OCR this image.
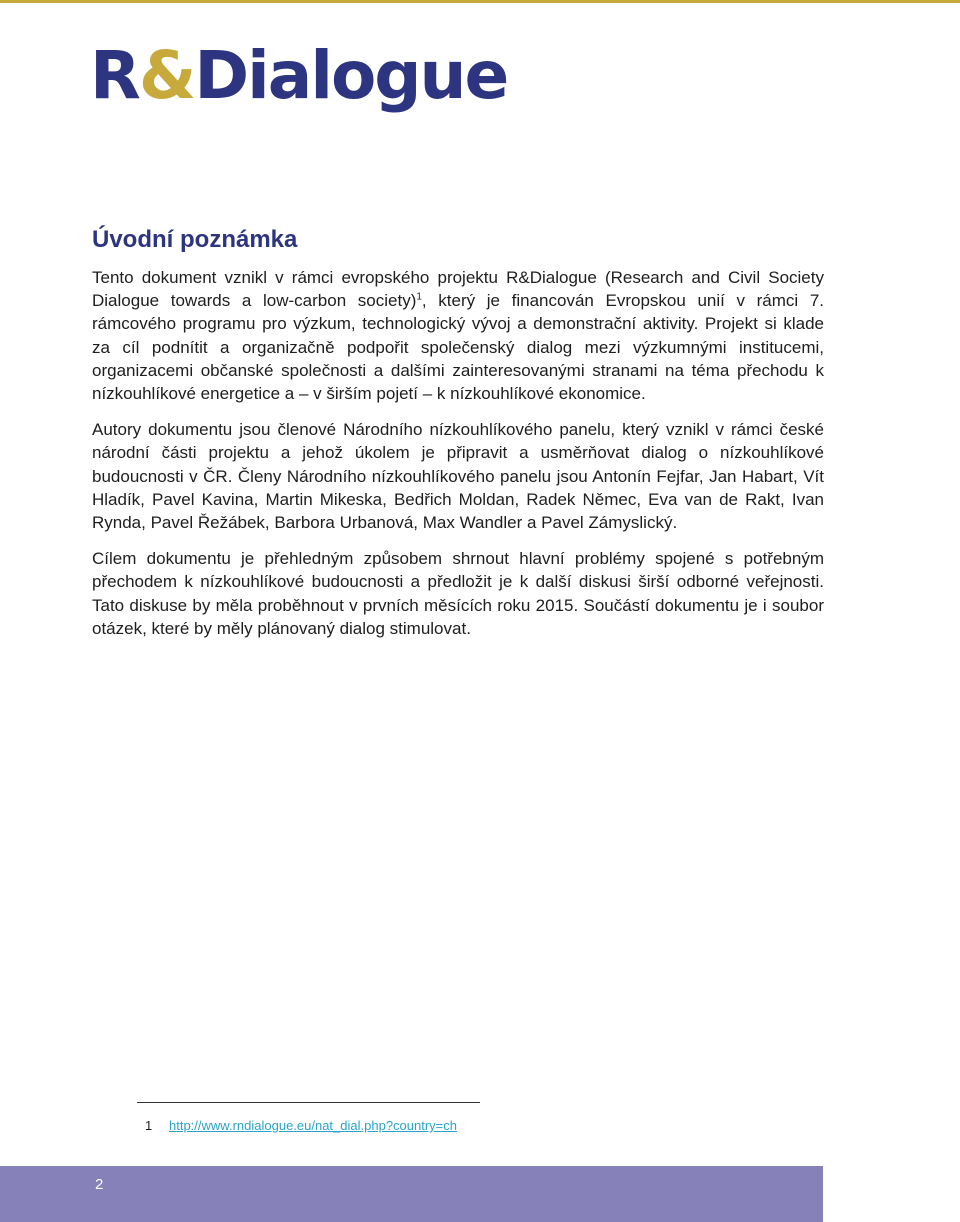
R&Dialogue
Úvodní poznámka

Tento dokument vznikl v rámci evropského projektu R&Dialogue (Research and Civil Society Dialogue towards a low-carbon society)$^1$, který je financován Evropskou unií v rámci 7. rámcového programu pro výzkum, technologický vývoj a demonstrační aktivity. Projekt si klade za cíl podnítit a organizačně podpořit společenský dialog mezi výzkumnými institucemi, organizacemi občanské společnosti a dalšími zainteresovanými stranami na téma přechodu k nízkouhlíkové energetice a – v širším pojetí – k nízkouhlíkové ekonomice.

Autory dokumentu jsou členové Národního nízkouhlíkového panelu, který vznikl v rámci české národní části projektu a jehož úkolem je připravit a usměrňovat dialog o nízkouhlíkové budoucnosti v ČR. Členy Národního nízkouhlíkového panelu jsou Antonín Fejfar, Jan Habart, Vít Hladík, Pavel Kavina, Martin Mikeska, Bedřich Moldan, Radek Němec, Eva van de Rakt, Ivan Rynda, Pavel Řežábek, Barbora Urbanová, Max Wandler a Pavel Zámyslický.

Cílem dokumentu je přehledným způsobem shrnout hlavní problémy spojené s potřebným přechodem k nízkouhlíkové budoucnosti a předložit je k další diskusi širší odborné veřejnosti. Tato diskuse by měla proběhnout v prvních měsících roku 2015. Součástí dokumentu je i soubor otázek, které by měly plánovaný dialog stimulovat.

1 http://www.rndialogue.eu/nat_dial.php?country=ch
2
